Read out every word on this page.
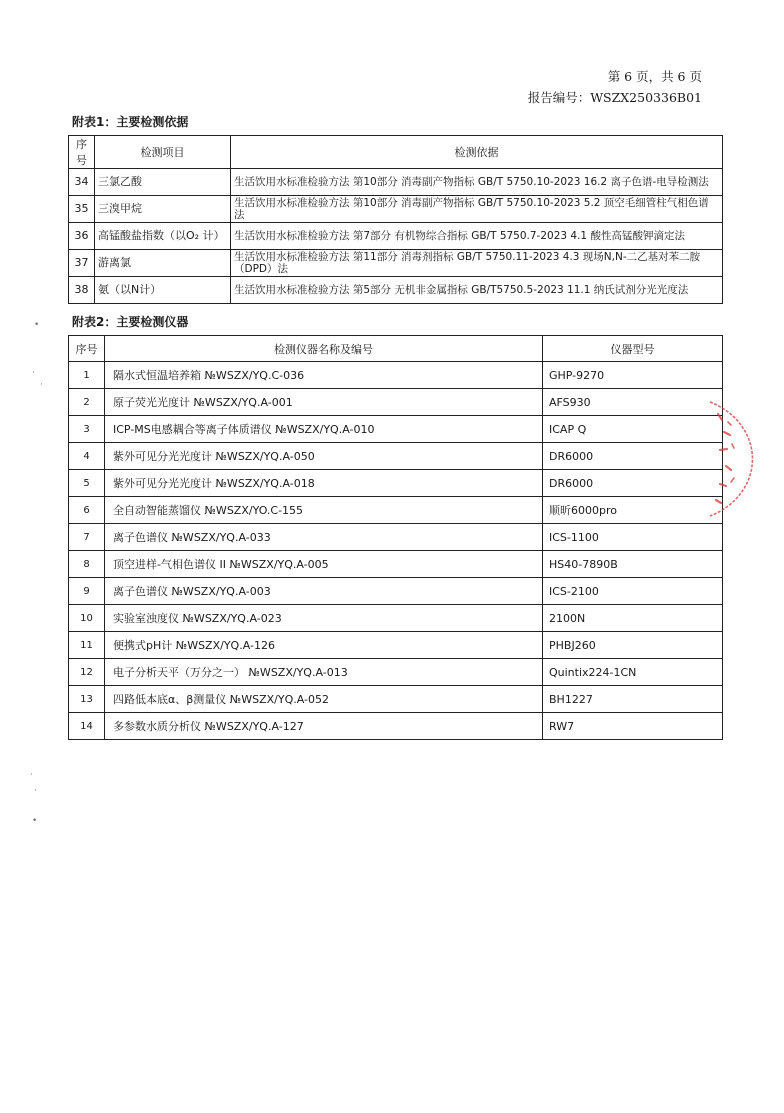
第 6 页，共 6 页
报告编号：WSZX250336B01
附表1：主要检测依据
序号	检测项目	检测依据
34	三氯乙酸	生活饮用水标准检验方法 第10部分 消毒副产物指标 GB/T 5750.10-2023 16.2 离子色谱-电导检测法
35	三溴甲烷	生活饮用水标准检验方法 第10部分 消毒副产物指标 GB/T 5750.10-2023 5.2 顶空毛细管柱气相色谱法
36	高锰酸盐指数（以O₂ 计）	生活饮用水标准检验方法 第7部分 有机物综合指标 GB/T 5750.7-2023 4.1 酸性高锰酸钾滴定法
37	游离氯	生活饮用水标准检验方法 第11部分 消毒剂指标 GB/T 5750.11-2023 4.3 现场N,N-二乙基对苯二胺（DPD）法
38	氨（以N计）	生活饮用水标准检验方法 第5部分 无机非金属指标 GB/T5750.5-2023 11.1 纳氏试剂分光光度法
附表2：主要检测仪器
序号	检测仪器名称及编号	仪器型号
1	隔水式恒温培养箱 №WSZX/YQ.C-036	GHP-9270
2	原子荧光光度计 №WSZX/YQ.A-001	AFS930
3	ICP-MS电感耦合等离子体质谱仪 №WSZX/YQ.A-010	ICAP Q
4	紫外可见分光光度计 №WSZX/YQ.A-050	DR6000
5	紫外可见分光光度计 №WSZX/YQ.A-018	DR6000
6	全自动智能蒸馏仪 №WSZX/YO.C-155	顺昕6000pro
7	离子色谱仪 №WSZX/YQ.A-033	ICS-1100
8	顶空进样-气相色谱仪 II №WSZX/YQ.A-005	HS40-7890B
9	离子色谱仪 №WSZX/YQ.A-003	ICS-2100
10	实验室浊度仪 №WSZX/YQ.A-023	2100N
11	便携式pH计 №WSZX/YQ.A-126	PHBJ260
12	电子分析天平（万分之一） №WSZX/YQ.A-013	Quintix224-1CN
13	四路低本底α、β测量仪 №WSZX/YQ.A-052	BH1227
14	多参数水质分析仪 №WSZX/YQ.A-127	RW7
•
·
·
·
·
•
